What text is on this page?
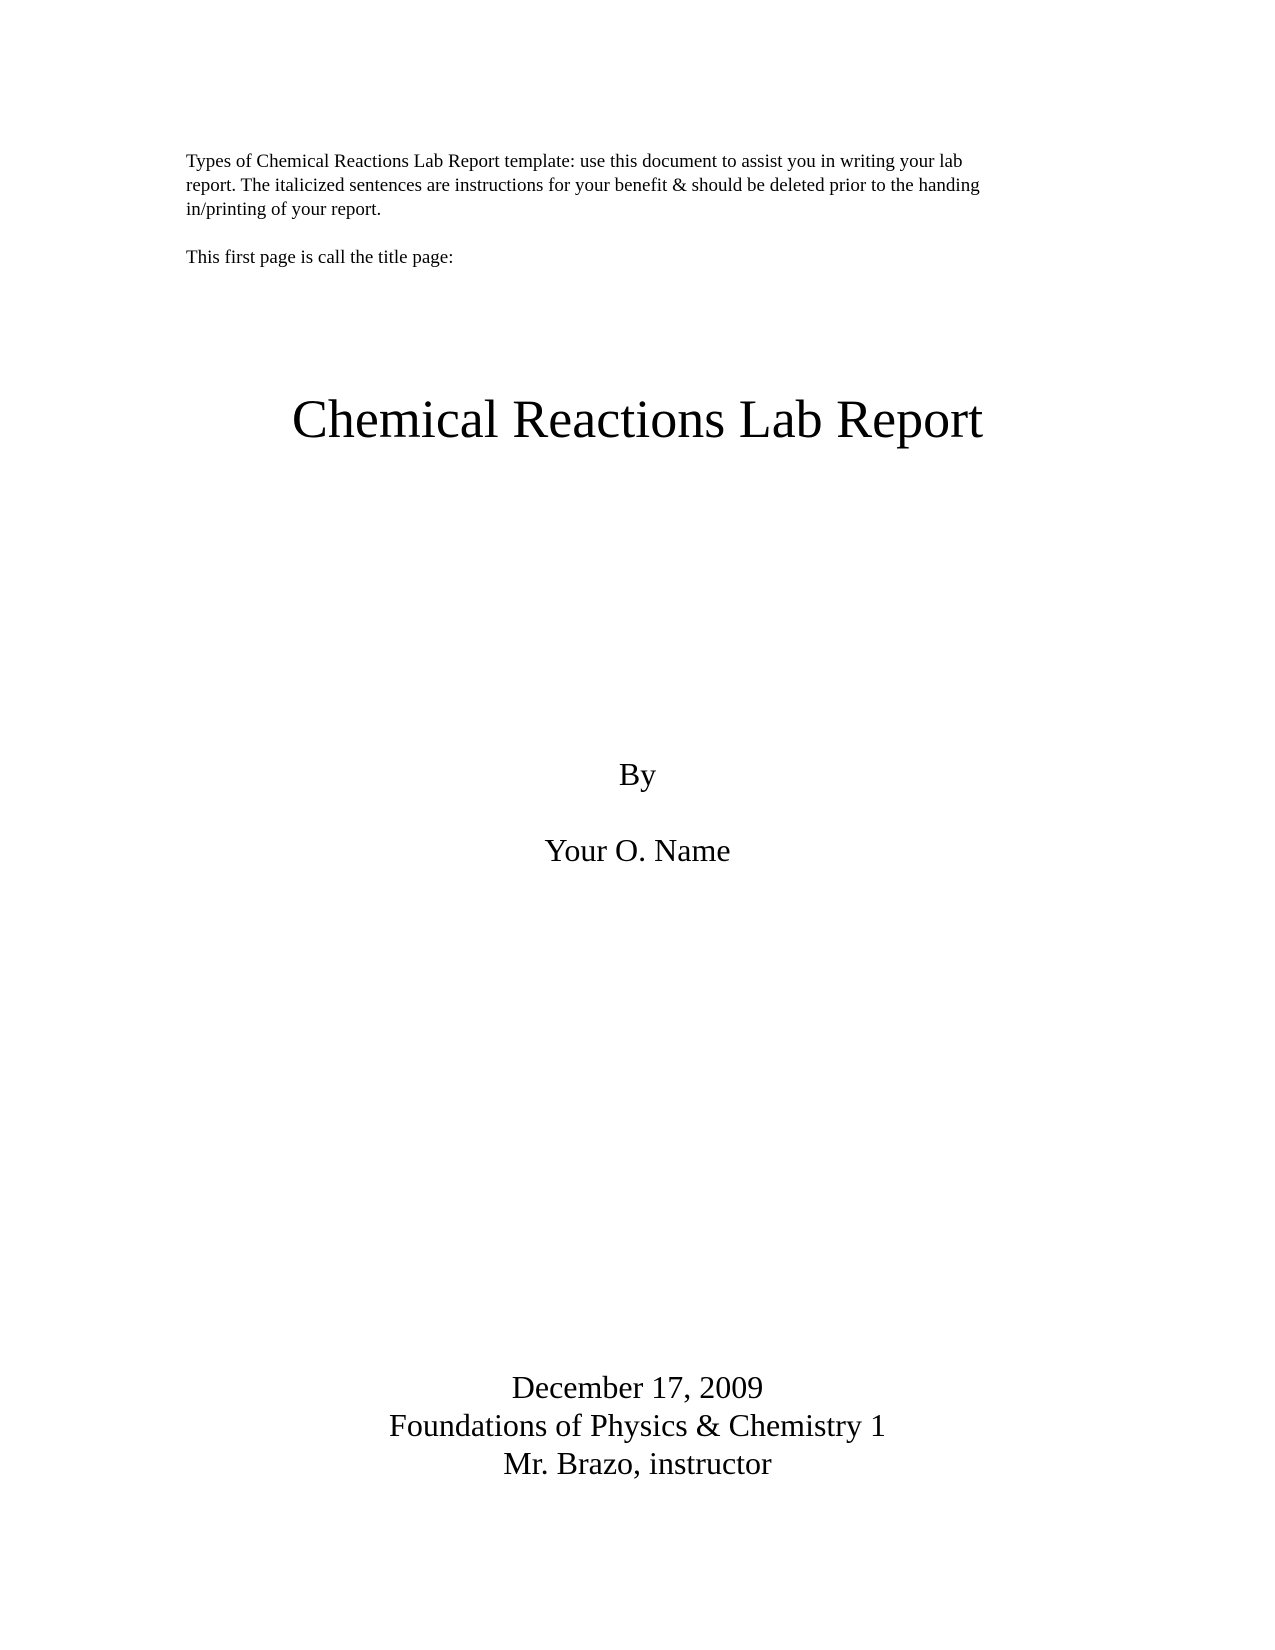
Types of Chemical Reactions Lab Report template: use this document to assist you in writing your lab
report. The italicized sentences are instructions for your benefit & should be deleted prior to the handing
in/printing of your report.

This first page is call the title page:
Chemical Reactions Lab Report
By
Your O. Name
December 17, 2009
Foundations of Physics & Chemistry 1
Mr. Brazo, instructor
